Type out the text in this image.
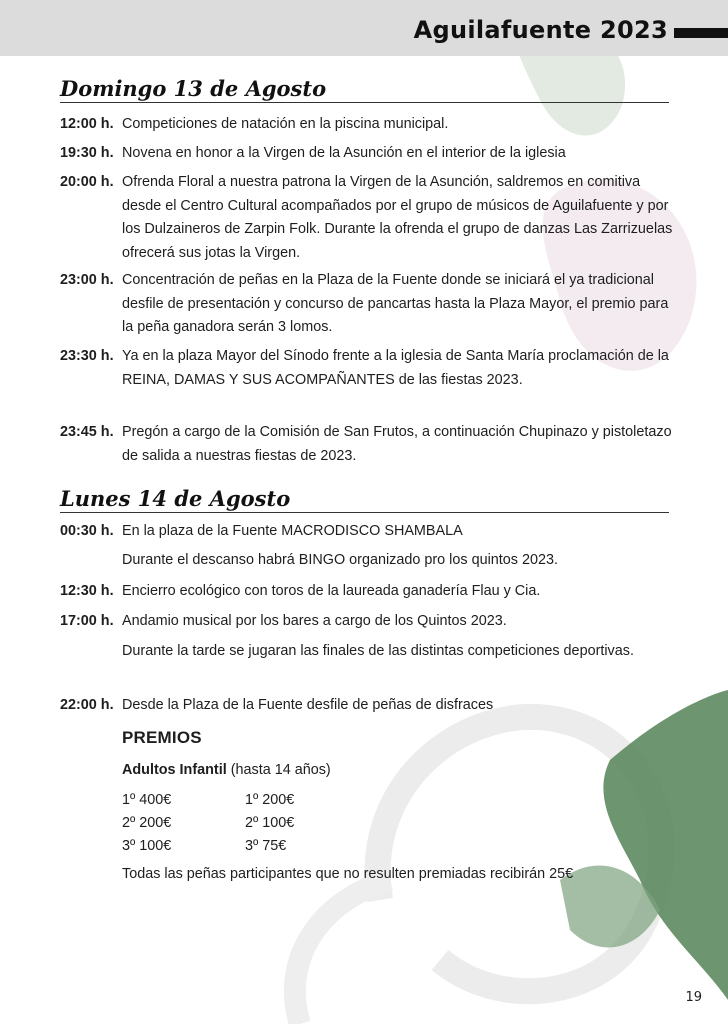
Aguilafuente 2023
Domingo 13 de Agosto
12:00 h. Competiciones de natación en la piscina municipal.
19:30 h. Novena en honor a la Virgen de la Asunción en el interior de la iglesia
20:00 h. Ofrenda Floral a nuestra patrona la Virgen de la Asunción, saldremos en comitiva desde el Centro Cultural acompañados por el grupo de músicos de Aguilafuente y por los Dulzaineros de Zarpin Folk. Durante la ofrenda el grupo de danzas Las Zarrizuelas ofrecerá sus jotas la Virgen.
23:00 h. Concentración de peñas en la Plaza de la Fuente donde se iniciará el ya tradicional desfile de presentación y concurso de pancartas hasta la Plaza Mayor, el premio para la peña ganadora serán 3 lomos.
23:30 h. Ya en la plaza Mayor del Sínodo frente a la iglesia de Santa María proclamación de la REINA, DAMAS Y SUS ACOMPAÑANTES de las fiestas 2023.
23:45 h. Pregón a cargo de la Comisión de San Frutos, a continuación Chupinazo y pistoletazo de salida a nuestras fiestas de 2023.
Lunes 14 de Agosto
00:30 h. En la plaza de la Fuente MACRODISCO SHAMBALA
Durante el descanso habrá BINGO organizado pro los quintos 2023.
12:30 h. Encierro ecológico con toros de la laureada ganadería Flau y Cia.
17:00 h. Andamio musical por los bares a cargo de los Quintos 2023.
Durante la tarde se jugaran las finales de las distintas competiciones deportivas.
22:00 h. Desde la Plaza de la Fuente desfile de peñas de disfraces
PREMIOS
Adultos Infantil (hasta 14 años)
1º 400€
2º 200€
3º 100€
1º 200€
2º 100€
3º 75€
Todas las peñas participantes que no resulten premiadas recibirán 25€
19
